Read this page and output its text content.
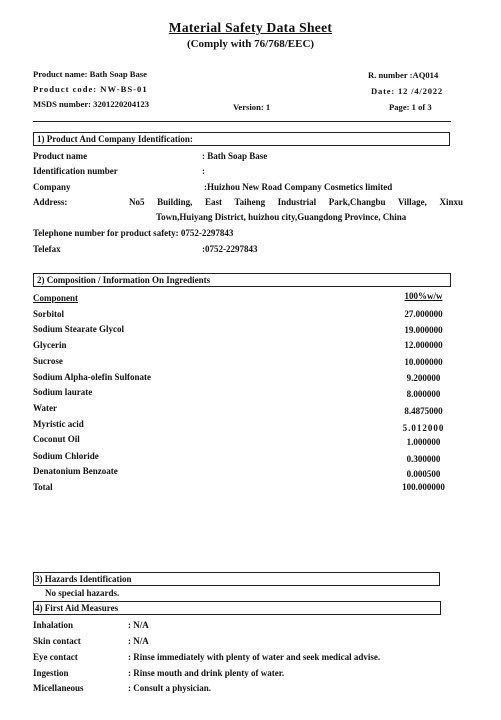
Material Safety Data Sheet
(Comply with 76/768/EEC)
Product name: Bath Soap Base
Product code: NW-BS-01
MSDS number: 3201220204123	Version: 1
R. number :AQ014
Date: 12 /4/2022
Page: 1 of 3
1) Product And Company Identification:
Product name	: Bath Soap Base
Identification number	:
Company	:Huizhou New Road Company Cosmetics limited
Address:	No5 Building, East Taiheng Industrial Park,Changbu Village, Xinxu
Town,Huiyang District, huizhou city,Guangdong Province, China
Telephone number for product safety: 0752-2297843
Telefax	:0752-2297843
2) Composition / Information On Ingredients
Component	100%w/w
Sorbitol	27.000000
Sodium Stearate Glycol	19.000000
Glycerin	12.000000
Sucrose	10.000000
Sodium Alpha-olefin Sulfonate	9.200000
Sodium laurate	8.000000
Water	8.4875000
Myristic acid	5.012000
Coconut Oil	1.000000
Sodium Chloride	0.300000
Denatonium Benzoate	0.000500
Total	100.000000
3) Hazards Identification
No special hazards.
4) First Aid Measures
Inhalation	: N/A
Skin contact	: N/A
Eye contact	: Rinse immediately with plenty of water and seek medical advise.
Ingestion	: Rinse mouth and drink plenty of water.
Micellaneous	: Consult a physician.
